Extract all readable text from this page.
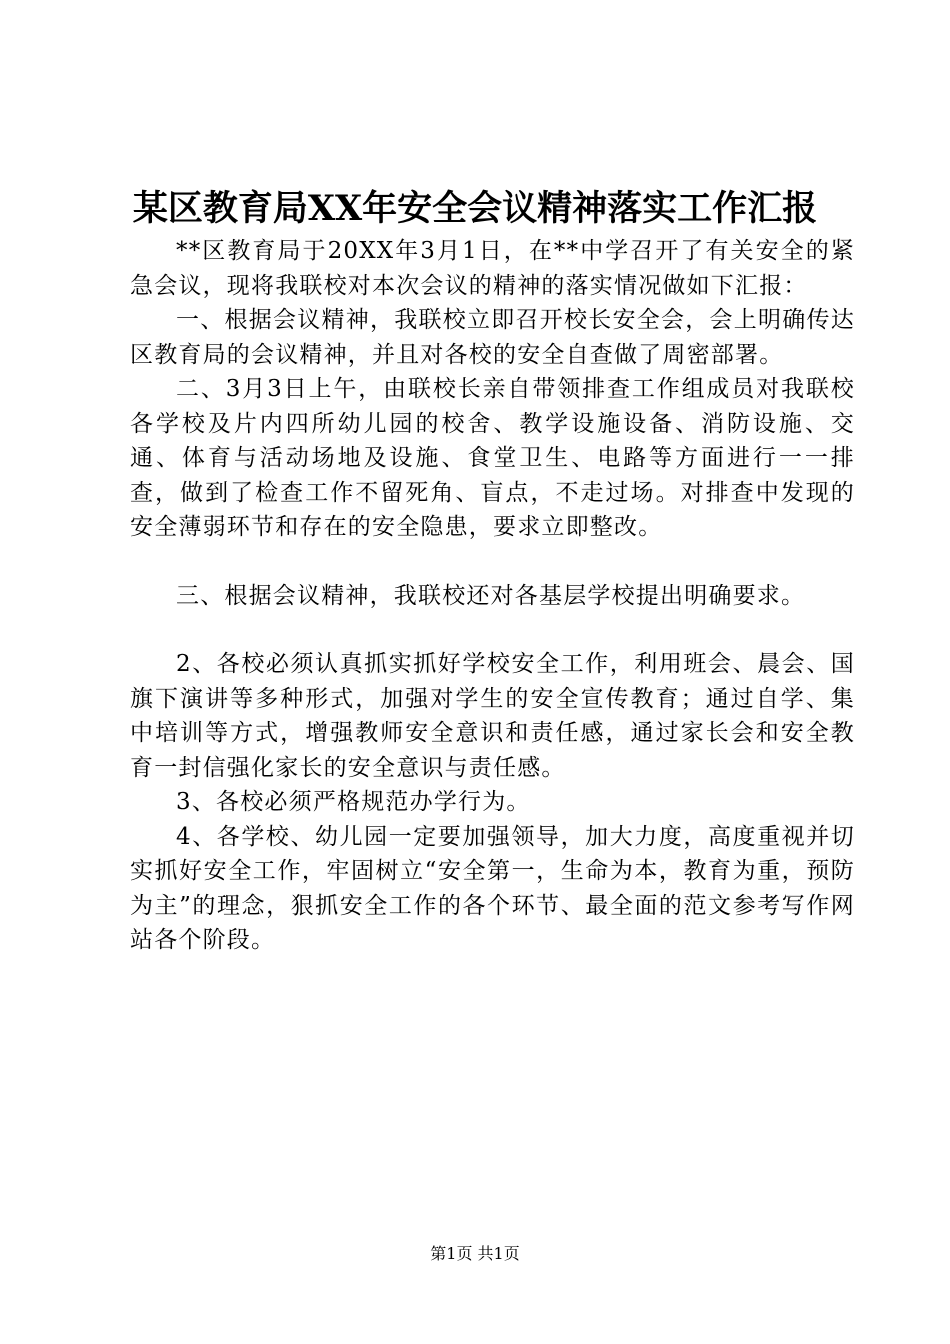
某区教育局XX年安全会议精神落实工作汇报

**区教育局于20XX年3月1日，在**中学召开了有关安全的紧急会议，现将我联校对本次会议的精神的落实情况做如下汇报：

一、根据会议精神，我联校立即召开校长安全会，会上明确传达区教育局的会议精神，并且对各校的安全自查做了周密部署。

二、3月3日上午，由联校长亲自带领排查工作组成员对我联校各学校及片内四所幼儿园的校舍、教学设施设备、消防设施、交通、体育与活动场地及设施、食堂卫生、电路等方面进行一一排查，做到了检查工作不留死角、盲点，不走过场。对排查中发现的安全薄弱环节和存在的安全隐患，要求立即整改。

三、根据会议精神，我联校还对各基层学校提出明确要求。

2、各校必须认真抓实抓好学校安全工作，利用班会、晨会、国旗下演讲等多种形式，加强对学生的安全宣传教育；通过自学、集中培训等方式，增强教师安全意识和责任感，通过家长会和安全教育一封信强化家长的安全意识与责任感。

3、各校必须严格规范办学行为。

4、各学校、幼儿园一定要加强领导，加大力度，高度重视并切实抓好安全工作，牢固树立“安全第一，生命为本，教育为重，预防为主”的理念，狠抓安全工作的各个环节、最全面的范文参考写作网站各个阶段。

第1页 共1页
